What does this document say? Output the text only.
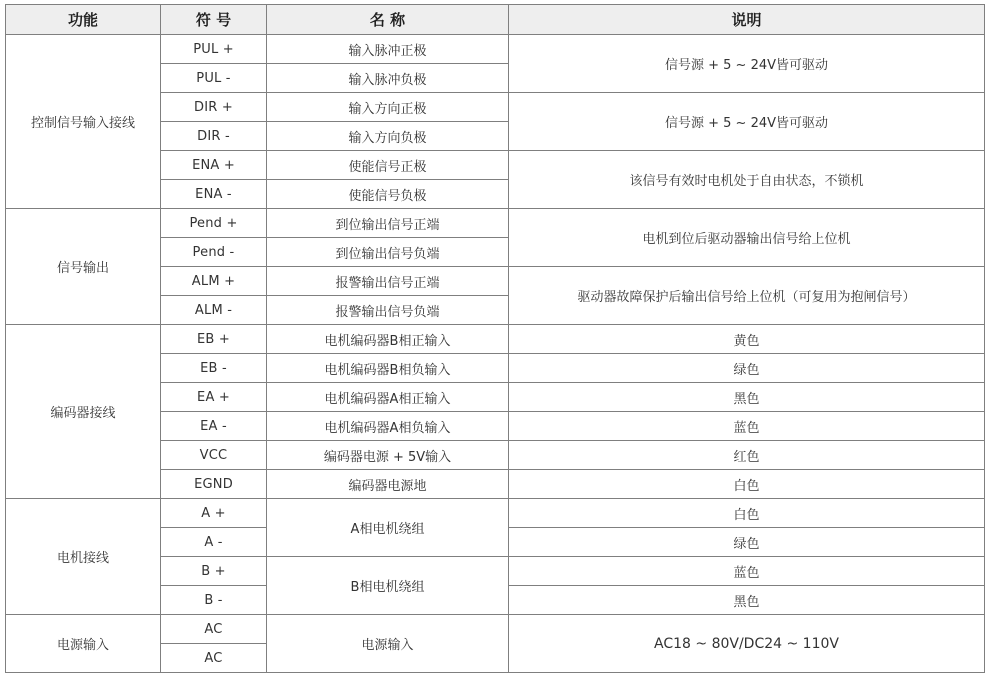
功能	符 号	名 称	说明
控制信号输入接线	PUL +	输入脉冲正极	信号源 + 5 ~ 24V皆可驱动
	PUL -	输入脉冲负极	
	DIR +	输入方向正极	信号源 + 5 ~ 24V皆可驱动
	DIR -	输入方向负极	
	ENA +	使能信号正极	该信号有效时电机处于自由状态，不锁机
	ENA -	使能信号负极	
信号输出	Pend +	到位输出信号正端	电机到位后驱动器输出信号给上位机
	Pend -	到位输出信号负端	
	ALM +	报警输出信号正端	驱动器故障保护后输出信号给上位机（可复用为抱闸信号）
	ALM -	报警输出信号负端	
编码器接线	EB +	电机编码器B相正输入	黄色
	EB -	电机编码器B相负输入	绿色
	EA +	电机编码器A相正输入	黑色
	EA -	电机编码器A相负输入	蓝色
	VCC	编码器电源 + 5V输入	红色
	EGND	编码器电源地	白色
电机接线	A +	A相电机绕组	白色
	A -		绿色
	B +	B相电机绕组	蓝色
	B -		黑色
电源输入	AC	电源输入	AC18 ~ 80V/DC24 ~ 110V
	AC		
